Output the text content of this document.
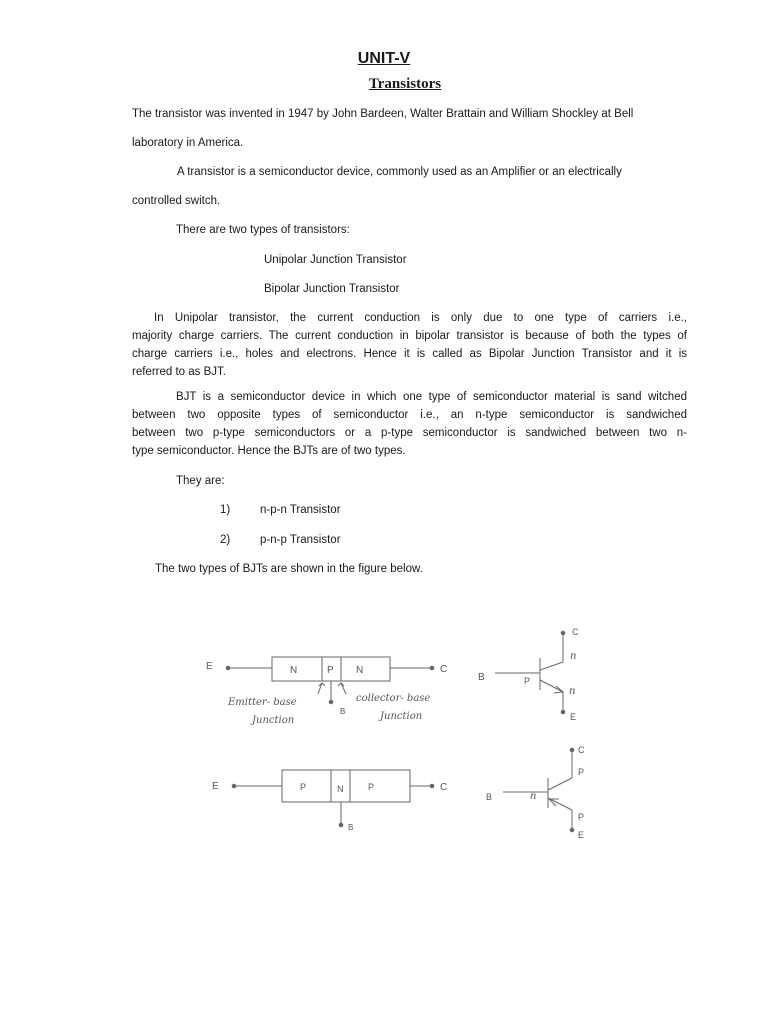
UNIT-V
Transistors
The transistor was invented in 1947 by John Bardeen, Walter Brattain and William Shockley at Bell
laboratory in America.
A transistor is a semiconductor device, commonly used as an Amplifier or an electrically
controlled switch.
There are two types of transistors:
Unipolar Junction Transistor
Bipolar Junction Transistor
In Unipolar transistor, the current conduction is only due to one type of carriers i.e.,
majority charge carriers. The current conduction in bipolar transistor is because of both the types of
charge carriers i.e., holes and electrons. Hence it is called as Bipolar Junction Transistor and it is
referred to as BJT.
BJT is a semiconductor device in which one type of semiconductor material is sand witched
between two opposite types of semiconductor i.e., an n-type semiconductor is sandwiched
between two p-type semiconductors or a p-type semiconductor is sandwiched between two n-
type semiconductor. Hence the BJTs are of two types.
They are:
1)	n-p-n Transistor
2)	p-n-p Transistor
The two types of BJTs are shown in the figure below.
E	C
N	P N
B
Emitter- base
Junction
collector- base
Junction
C
B
E
n
P
n
E	C
P	N	P
B
C
B
E
P
n
P
